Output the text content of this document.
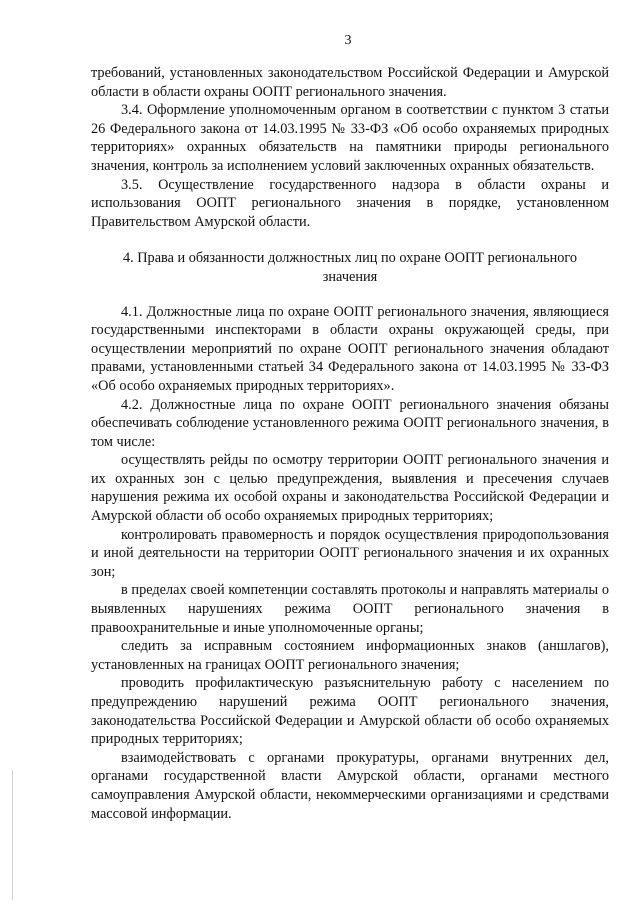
3

требований, установленных законодательством Российской Федерации и Амурской области в области охраны ООПТ регионального значения.

3.4. Оформление уполномоченным органом в соответствии с пунктом 3 статьи 26 Федерального закона от 14.03.1995 № 33-ФЗ «Об особо охраняемых природных территориях» охранных обязательств на памятники природы регионального значения, контроль за исполнением условий заключенных охранных обязательств.

3.5. Осуществление государственного надзора в области охраны и использования ООПТ регионального значения в порядке, установленном Правительством Амурской области.

4. Права и обязанности должностных лиц по охране ООПТ регионального значения

4.1. Должностные лица по охране ООПТ регионального значения, являющиеся государственными инспекторами в области охраны окружающей среды, при осуществлении мероприятий по охране ООПТ регионального значения обладают правами, установленными статьей 34 Федерального закона от 14.03.1995 № 33-ФЗ «Об особо охраняемых природных территориях».

4.2. Должностные лица по охране ООПТ регионального значения обязаны обеспечивать соблюдение установленного режима ООПТ регионального значения, в том числе:

осуществлять рейды по осмотру территории ООПТ регионального значения и их охранных зон с целью предупреждения, выявления и пресечения случаев нарушения режима их особой охраны и законодательства Российской Федерации и Амурской области об особо охраняемых природных территориях;

контролировать правомерность и порядок осуществления природопользования и иной деятельности на территории ООПТ регионального значения и их охранных зон;

в пределах своей компетенции составлять протоколы и направлять материалы о выявленных нарушениях режима ООПТ регионального значения в правоохранительные и иные уполномоченные органы;

следить за исправным состоянием информационных знаков (аншлагов), установленных на границах ООПТ регионального значения;

проводить профилактическую разъяснительную работу с населением по предупреждению нарушений режима ООПТ регионального значения, законодательства Российской Федерации и Амурской области об особо охраняемых природных территориях;

взаимодействовать с органами прокуратуры, органами внутренних дел, органами государственной власти Амурской области, органами местного самоуправления Амурской области, некоммерческими организациями и средствами массовой информации.
